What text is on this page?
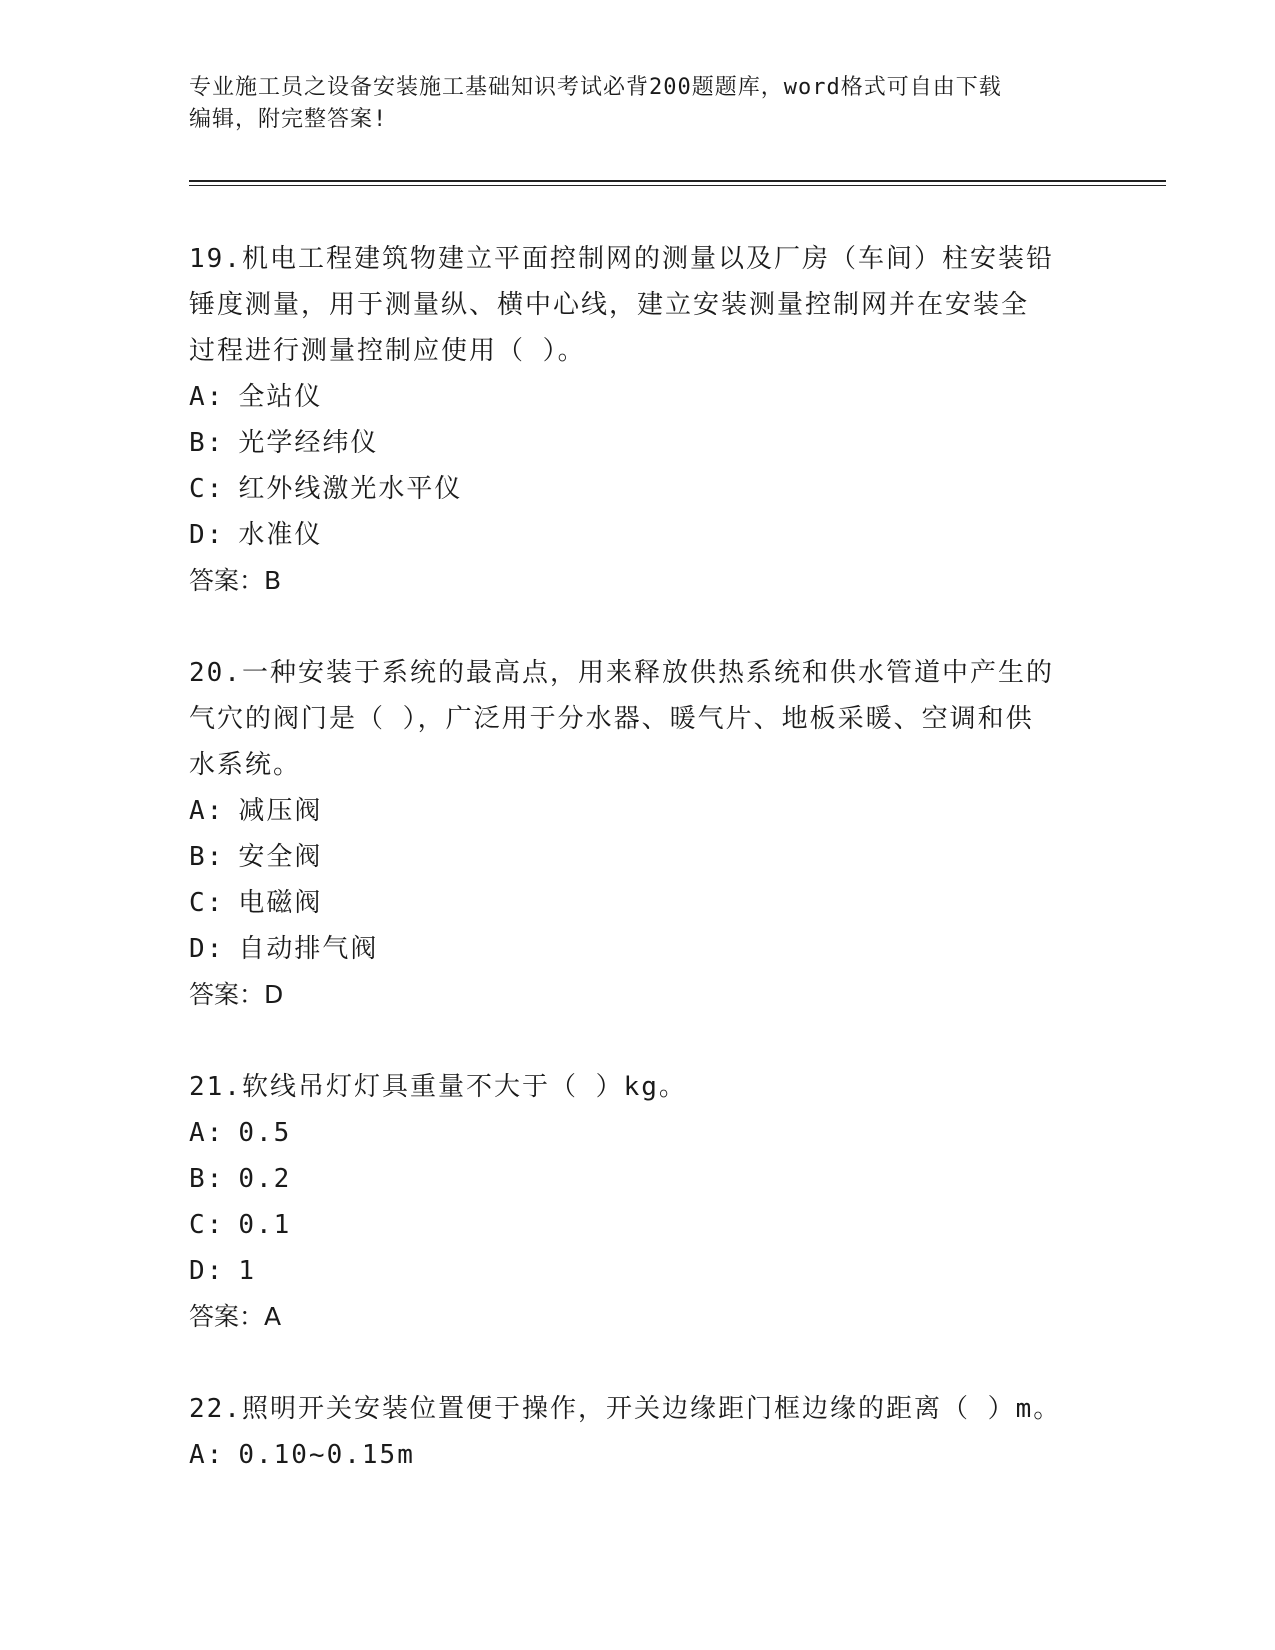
专业施工员之设备安装施工基础知识考试必背200题题库，word格式可自由下载
编辑，附完整答案!
19.机电工程建筑物建立平面控制网的测量以及厂房（车间）柱安装铅
锤度测量，用于测量纵、横中心线，建立安装测量控制网并在安装全
过程进行测量控制应使用（ ）。
A: 全站仪
B: 光学经纬仪
C: 红外线激光水平仪
D: 水准仪
答案：B
20.一种安装于系统的最高点，用来释放供热系统和供水管道中产生的
气穴的阀门是（ ），广泛用于分水器、暖气片、地板采暖、空调和供
水系统。
A: 减压阀
B: 安全阀
C: 电磁阀
D: 自动排气阀
答案：D
21.软线吊灯灯具重量不大于（ ）kg。
A: 0.5
B: 0.2
C: 0.1
D: 1
答案：A
22.照明开关安装位置便于操作，开关边缘距门框边缘的距离（ ）m。
A: 0.10~0.15m
